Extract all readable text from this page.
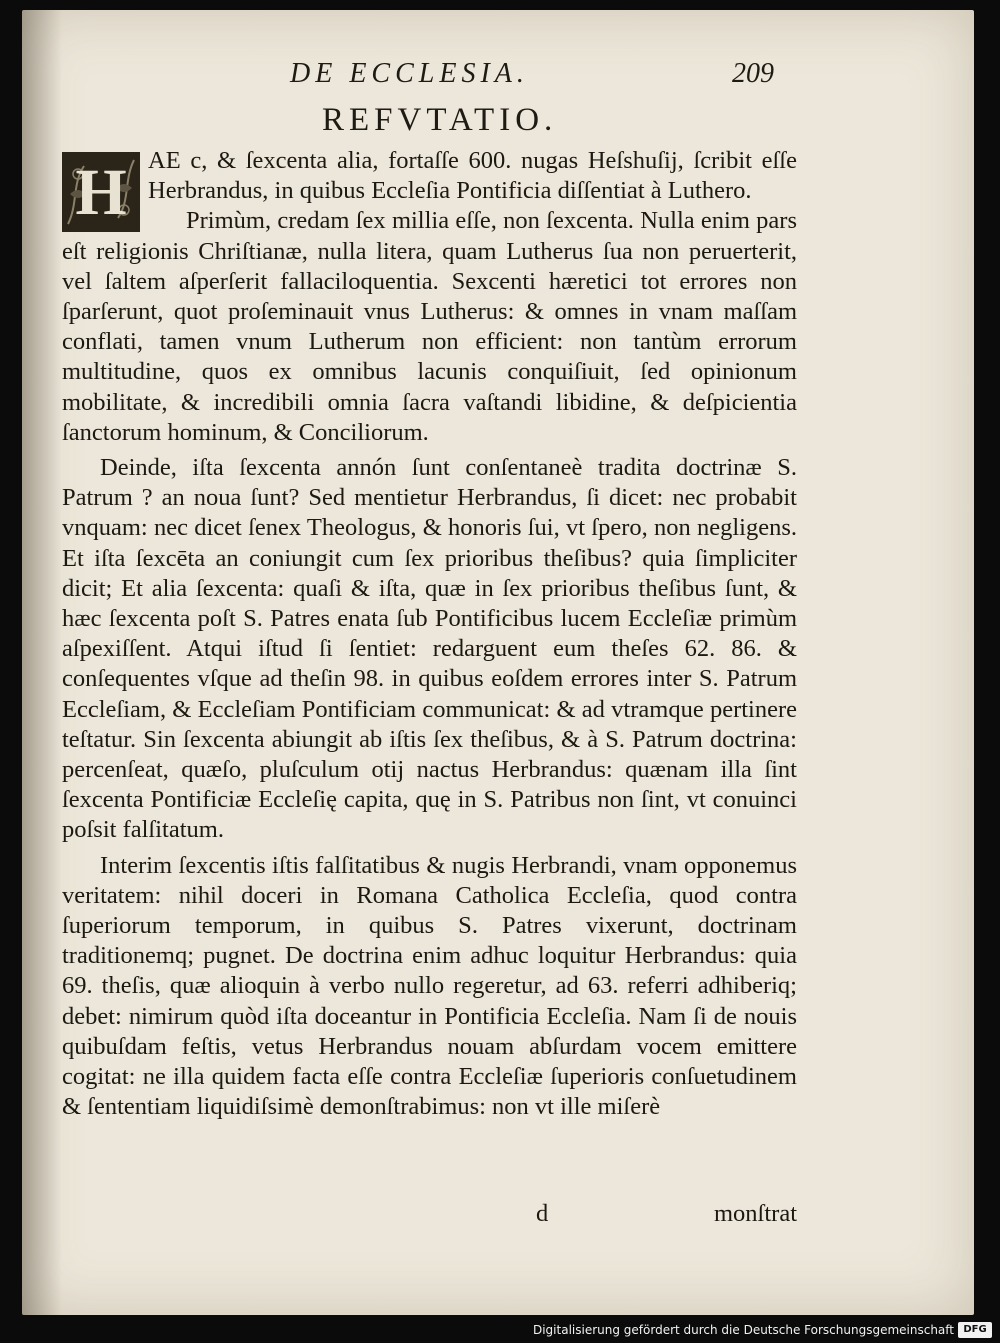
DE ECCLESIA.	209
REFVTATIO.

H AE c, & ſexcenta alia, fortaſſe 600. nugas Heſshuſij, ſcribit eſſe Herbrandus, in quibus Eccleſia Pontificia diſſentiat à Luthero.

Primùm, credam ſex millia eſſe, non ſexcenta. Nulla enim pars eſt religionis Chriſtianæ, nulla litera, quam Lutherus ſua non peruerterit, vel ſaltem aſperſerit fallaciloquentia. Sexcenti hæretici tot errores non ſparſerunt, quot proſeminauit vnus Lutherus: & omnes in vnam maſſam conflati, tamen vnum Lutherum non efficient: non tantùm errorum multitudine, quos ex omnibus lacunis conquiſiuit, ſed opinionum mobilitate, & incredibili omnia ſacra vaſtandi libidine, & deſpicientia ſanctorum hominum, & Conciliorum.

Deinde, iſta ſexcenta annón ſunt conſentaneè tradita doctrinæ S. Patrum ? an noua ſunt? Sed mentietur Herbrandus, ſi dicet: nec probabit vnquam: nec dicet ſenex Theologus, & honoris ſui, vt ſpero, non negligens. Et iſta ſexcēta an coniungit cum ſex prioribus theſibus? quia ſimpliciter dicit; Et alia ſexcenta: quaſi & iſta, quæ in ſex prioribus theſibus ſunt, & hæc ſexcenta poſt S. Patres enata ſub Pontificibus lucem Eccleſiæ primùm aſpexiſſent. Atqui iſtud ſi ſentiet: redarguent eum theſes 62. 86. & conſequentes vſque ad theſin 98. in quibus eoſdem errores inter S. Patrum Eccleſiam, & Eccleſiam Pontificiam communicat: & ad vtramque pertinere teſtatur. Sin ſexcenta abiungit ab iſtis ſex theſibus, & à S. Patrum doctrina: percenſeat, quæſo, pluſculum otij nactus Herbrandus: quænam illa ſint ſexcenta Pontificiæ Eccleſię capita, quę in S. Patribus non ſint, vt conuinci poſsit falſitatum.

Interim ſexcentis iſtis falſitatibus & nugis Herbrandi, vnam opponemus veritatem: nihil doceri in Romana Catholica Eccleſia, quod contra ſuperiorum temporum, in quibus S. Patres vixerunt, doctrinam traditionemq; pugnet. De doctrina enim adhuc loquitur Herbrandus: quia 69. theſis, quæ alioquin à verbo nullo regeretur, ad 63. referri adhiberiq; debet: nimirum quòd iſta doceantur in Pontificia Eccleſia. Nam ſi de nouis quibuſdam feſtis, vetus Herbrandus nouam abſurdam vocem emittere cogitat: ne illa quidem facta eſſe contra Eccleſiæ ſuperioris conſuetudinem & ſententiam liquidiſsimè demonſtrabimus: non vt ille miſerè

d	monſtrat
Digitalisierung gefördert durch die Deutsche Forschungsgemeinschaft DFG
